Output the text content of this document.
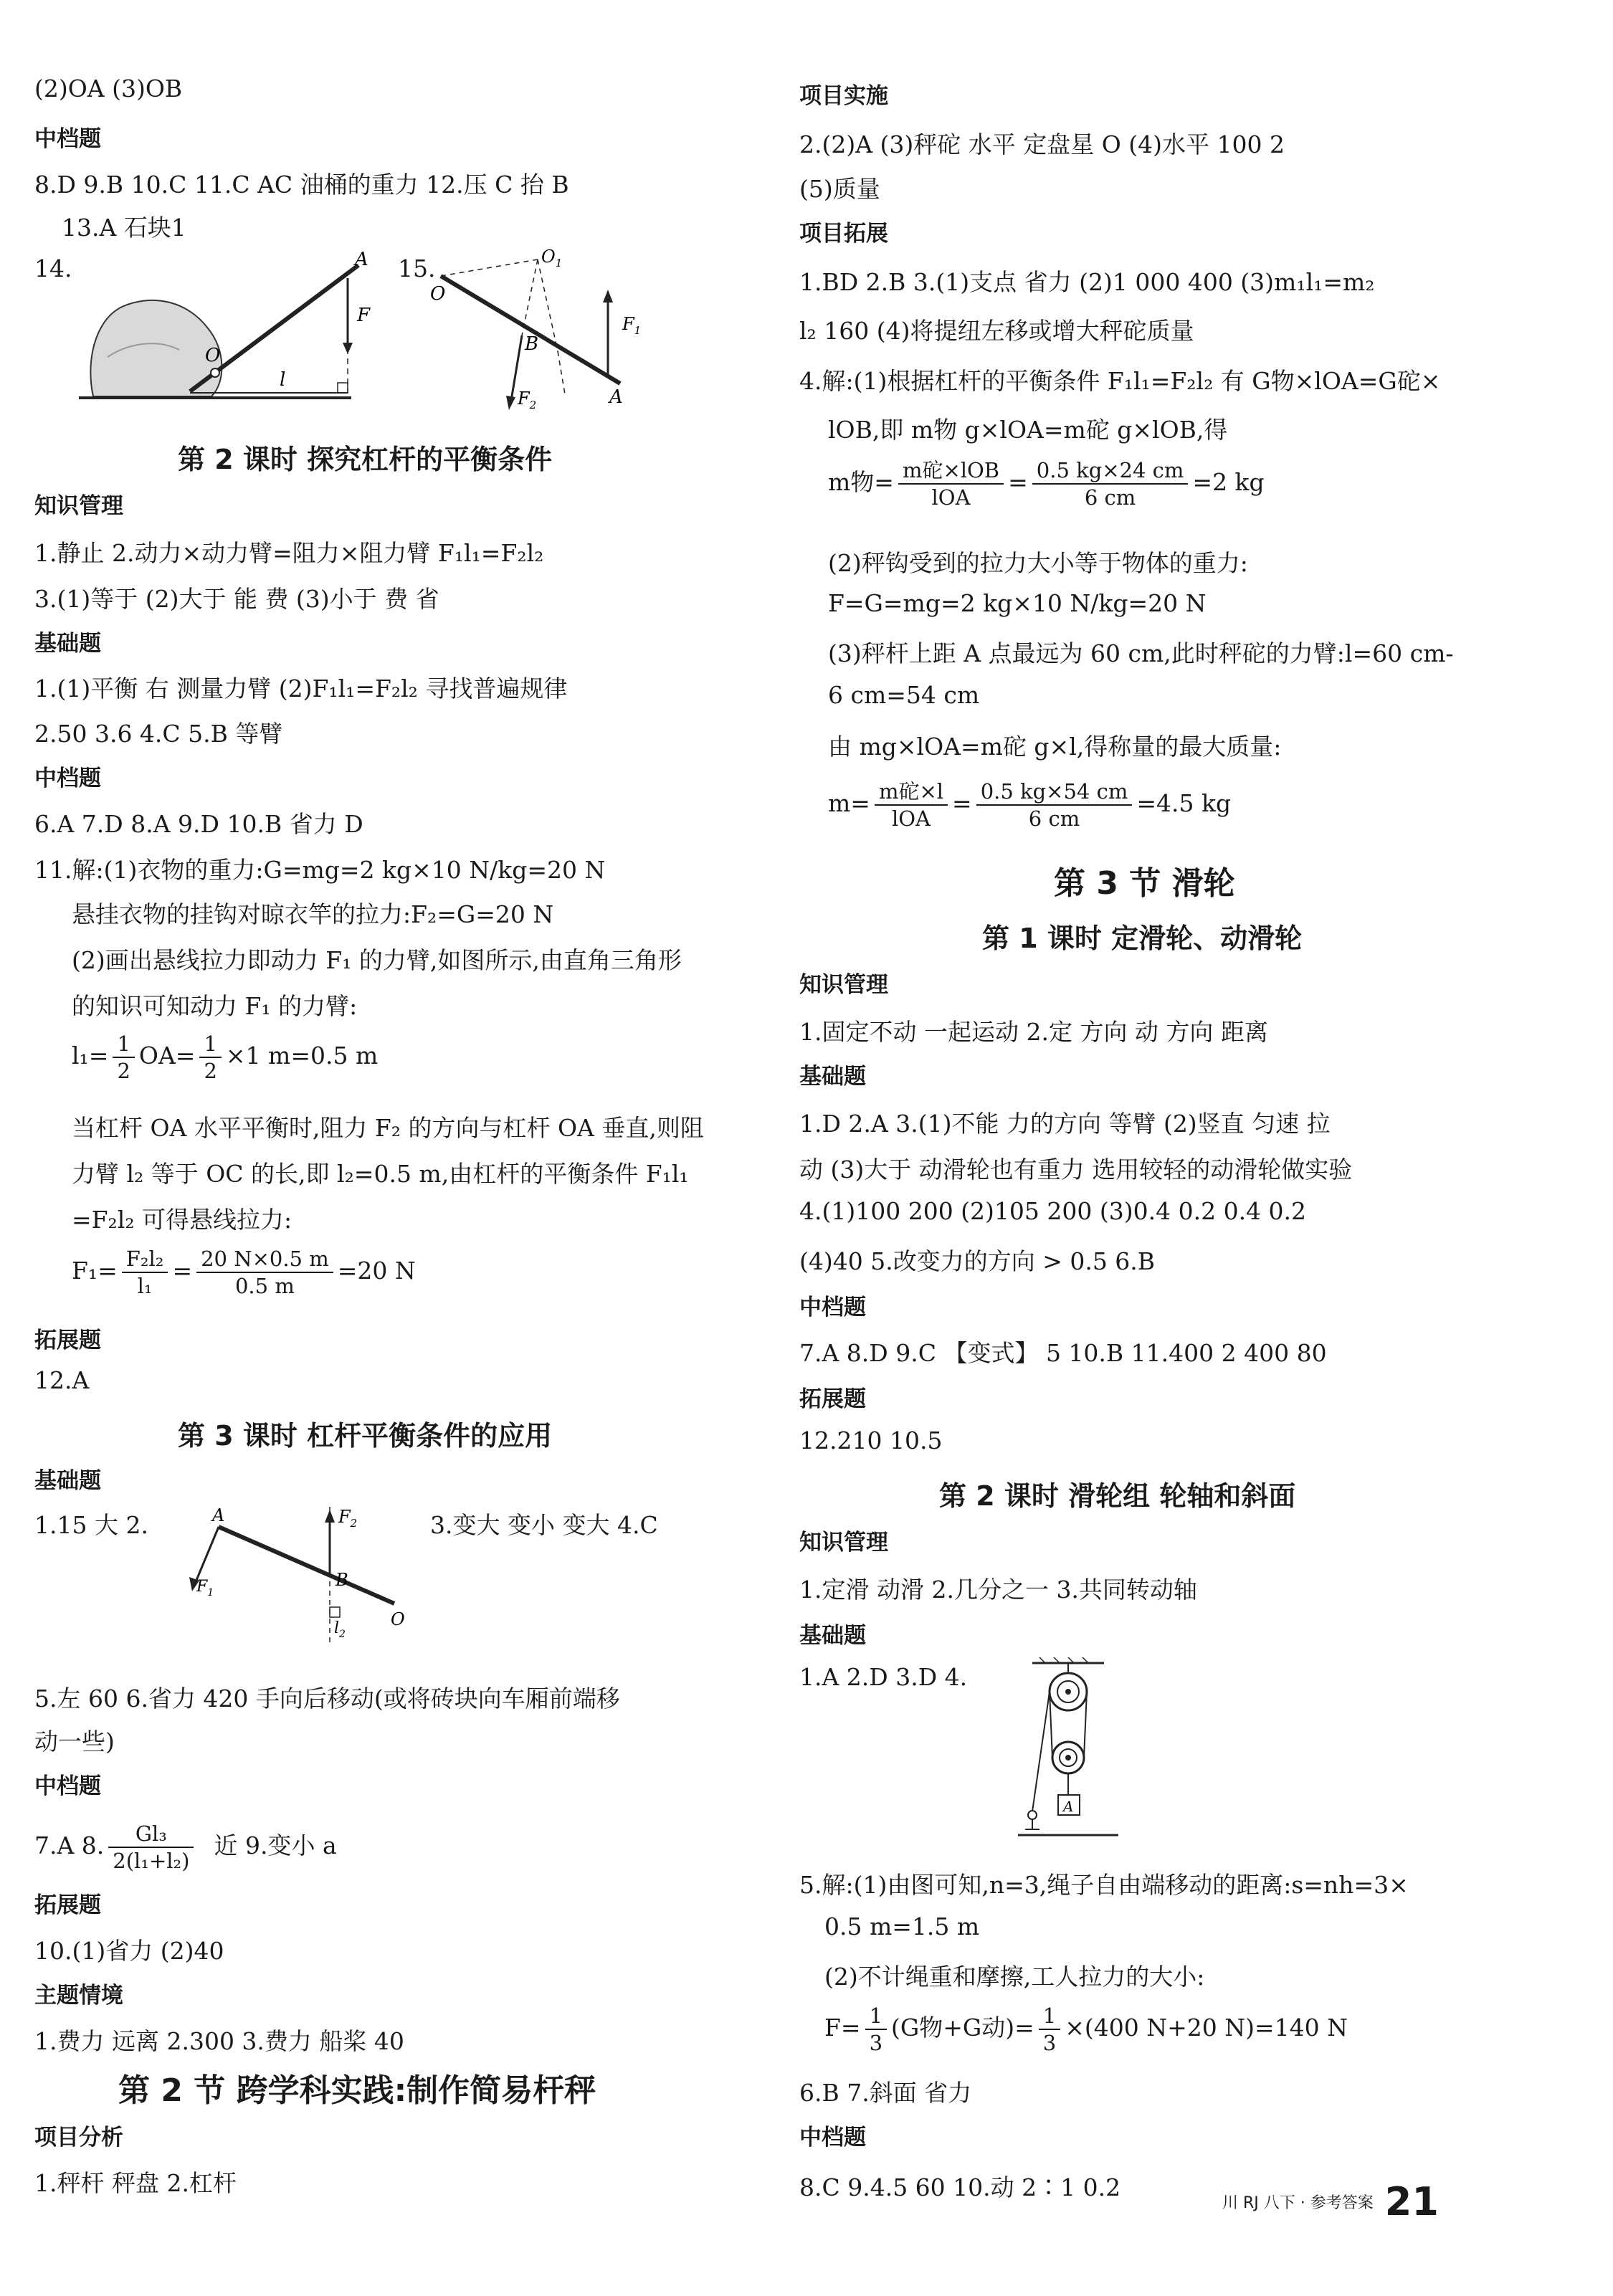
(2)OA (3)OB
中档题
8.D 9.B 10.C 11.C AC 油桶的重力 12.压 C 抬 B
13.A 石块1
14.	A
F
O
l
15.
O
$O_1$
$F_1$
B
A
$F_2$
第 2 课时 探究杠杆的平衡条件
知识管理
1.静止 2.动力×动力臂=阻力×阻力臂 F₁l₁=F₂l₂
3.(1)等于 (2)大于 能 费 (3)小于 费 省
基础题
1.(1)平衡 右 测量力臂 (2)F₁l₁=F₂l₂ 寻找普遍规律
2.50 3.6 4.C 5.B 等臂
中档题
6.A 7.D 8.A 9.D 10.B 省力 D
11.解:(1)衣物的重力:G=mg=2 kg×10 N/kg=20 N
悬挂衣物的挂钩对晾衣竿的拉力:F₂=G=20 N
(2)画出悬线拉力即动力 F₁ 的力臂,如图所示,由直角三角形
的知识可知动力 F₁ 的力臂:
$l_1= \frac{1}{2} OA= \frac{1}{2} \times 1$ m=0.5 m
当杠杆 OA 水平平衡时,阻力 F₂ 的方向与杠杆 OA 垂直,则阻
力臂 l₂ 等于 OC 的长,即 l₂=0.5 m,由杠杆的平衡条件 F₁l₁
=F₂l₂ 可得悬线拉力:
$F_1= \frac{\text{F₂l₂}}{\text{l₁}} = \frac{20 N\times 0.5 m}{0.5 m} =20$ N
拓展题
12.A
第 3 课时 杠杆平衡条件的应用
基础题
1.15 大 2.	$F_2$
A
B
$F_1$
$l_2$
O
3.变大 变小 变大 4.C
5.左 60 6.省力 420 手向后移动(或将砖块向车厢前端移
动一些)
中档题
7.A 8. $\frac{\text{Gl₃}}{\text{2(l₁+l₂)}}$ 近 9.变小 a
拓展题
10.(1)省力 (2)40
主题情境
1.费力 远离 2.300 3.费力 船桨 40
第 2 节 跨学科实践:制作简易杆秤
项目分析
1.秤杆 秤盘 2.杠杆
项目实施
2.(2)A (3)秤砣 水平 定盘星 O (4)水平 100 2
(5)质量
项目拓展
1.BD 2.B 3.(1)支点 省力 (2)1 000 400 (3)m₁l₁=m₂
l₂ 160 (4)将提纽左移或增大秤砣质量
4.解:(1)根据杠杆的平衡条件 F₁l₁=F₂l₂ 有 G物×lOA=G砣×
lOB,即 m物 g×lOA=m砣 g×lOB,得
m物= $\frac{\text{m砣×lOB}}{\text{lOA}} = \frac{0.5 kg\times 24 cm}{6 cm} =2$ kg
(2)秤钩受到的拉力大小等于物体的重力:
F=G=mg=2 kg×10 N/kg=20 N
(3)秤杆上距 A 点最远为 60 cm,此时秤砣的力臂:l=60 cm-
6 cm=54 cm
由 mg×lOA=m砣 g×l,得称量的最大质量:
$m= \frac{\text{m砣×l}}{\text{lOA}} = \frac{0.5 kg\times 54 cm}{6 cm} =4.5$ kg
第 3 节 滑轮
第 1 课时 定滑轮、动滑轮
知识管理
1.固定不动 一起运动 2.定 方向 动 方向 距离
基础题
1.D 2.A 3.(1)不能 力的方向 等臂 (2)竖直 匀速 拉
动 (3)大于 动滑轮也有重力 选用较轻的动滑轮做实验
4.(1)100 200 (2)105 200 (3)0.4 0.2 0.4 0.2
(4)40 5.改变力的方向 > 0.5 6.B
中档题
7.A 8.D 9.C 【变式】 5 10.B 11.400 2 400 80
拓展题
12.210 10.5
第 2 课时 滑轮组 轮轴和斜面
知识管理
1.定滑 动滑 2.几分之一 3.共同转动轴
基础题
1.A 2.D 3.D 4.
A
5.解:(1)由图可知,n=3,绳子自由端移动的距离:s=nh=3×
0.5 m=1.5 m
(2)不计绳重和摩擦,工人拉力的大小:
$F= \frac{1}{3} (G$物+G动)= $\frac{1}{3} \times(400$ N+20 N)=140 N
6.B 7.斜面 省力
中档题
8.C 9.4.5 60 10.动 2∶1 0.2
川 RJ 八下 · 参考答案 21
